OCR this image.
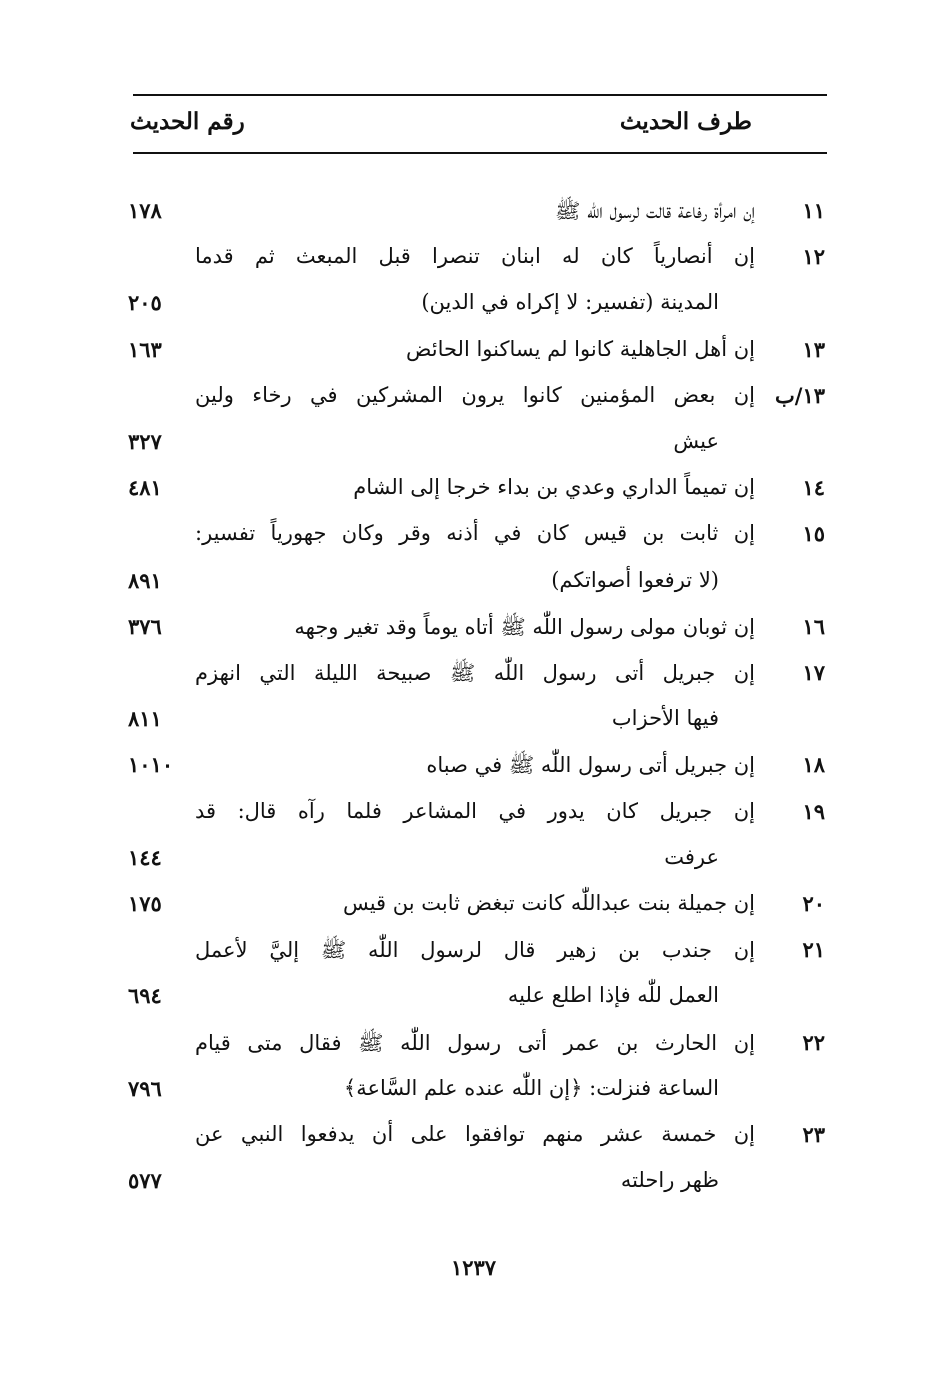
طرف الحديث
رقم الحديث
١١
إن امرأة رفاعة قالت لرسول اللّٰه ﷺ
١٧٨
١٢
إن أنصارياً كان له ابنان تنصرا قبل المبعث ثم قدما
المدينة (تفسير: لا إكراه في الدين)
٢٠٥
١٣
إن أهل الجاهلية كانوا لم يساكنوا الحائض
١٦٣
١٣/ب
إن بعض المؤمنين كانوا يرون المشركين في رخاء ولين
عيش
٣٢٧
١٤
إن تميماً الداري وعدي بن بداء خرجا إلى الشام
٤٨١
١٥
إن ثابت بن قيس كان في أذنه وقر وكان جهورياً تفسير:
(لا ترفعوا أصواتكم)
٨٩١
١٦
إن ثوبان مولى رسول اللّٰه ﷺ أتاه يوماً وقد تغير وجهه
٣٧٦
١٧
إن جبريل أتى رسول اللّٰه ﷺ صبيحة الليلة التي انهزم
فيها الأحزاب
٨١١
١٨
إن جبريل أتى رسول اللّٰه ﷺ في صباه
١٠١٠
١٩
إن جبريل كان يدور في المشاعر فلما رآه قال: قد
عرفت
١٤٤
٢٠
إن جميلة بنت عبداللّٰه كانت تبغض ثابت بن قيس
١٧٥
٢١
إن جندب بن زهير قال لرسول اللّٰه ﷺ إليَّ لأعمل
العمل للّٰه فإذا اطلع عليه
٦٩٤
٢٢
إن الحارث بن عمر أتى رسول اللّٰه ﷺ فقال متى قيام
الساعة فنزلت: ﴿إن اللّٰه عنده علم السَّاعة﴾
٧٩٦
٢٣
إن خمسة عشر منهم توافقوا على أن يدفعوا النبي عن
ظهر راحلته
٥٧٧
١٢٣٧
